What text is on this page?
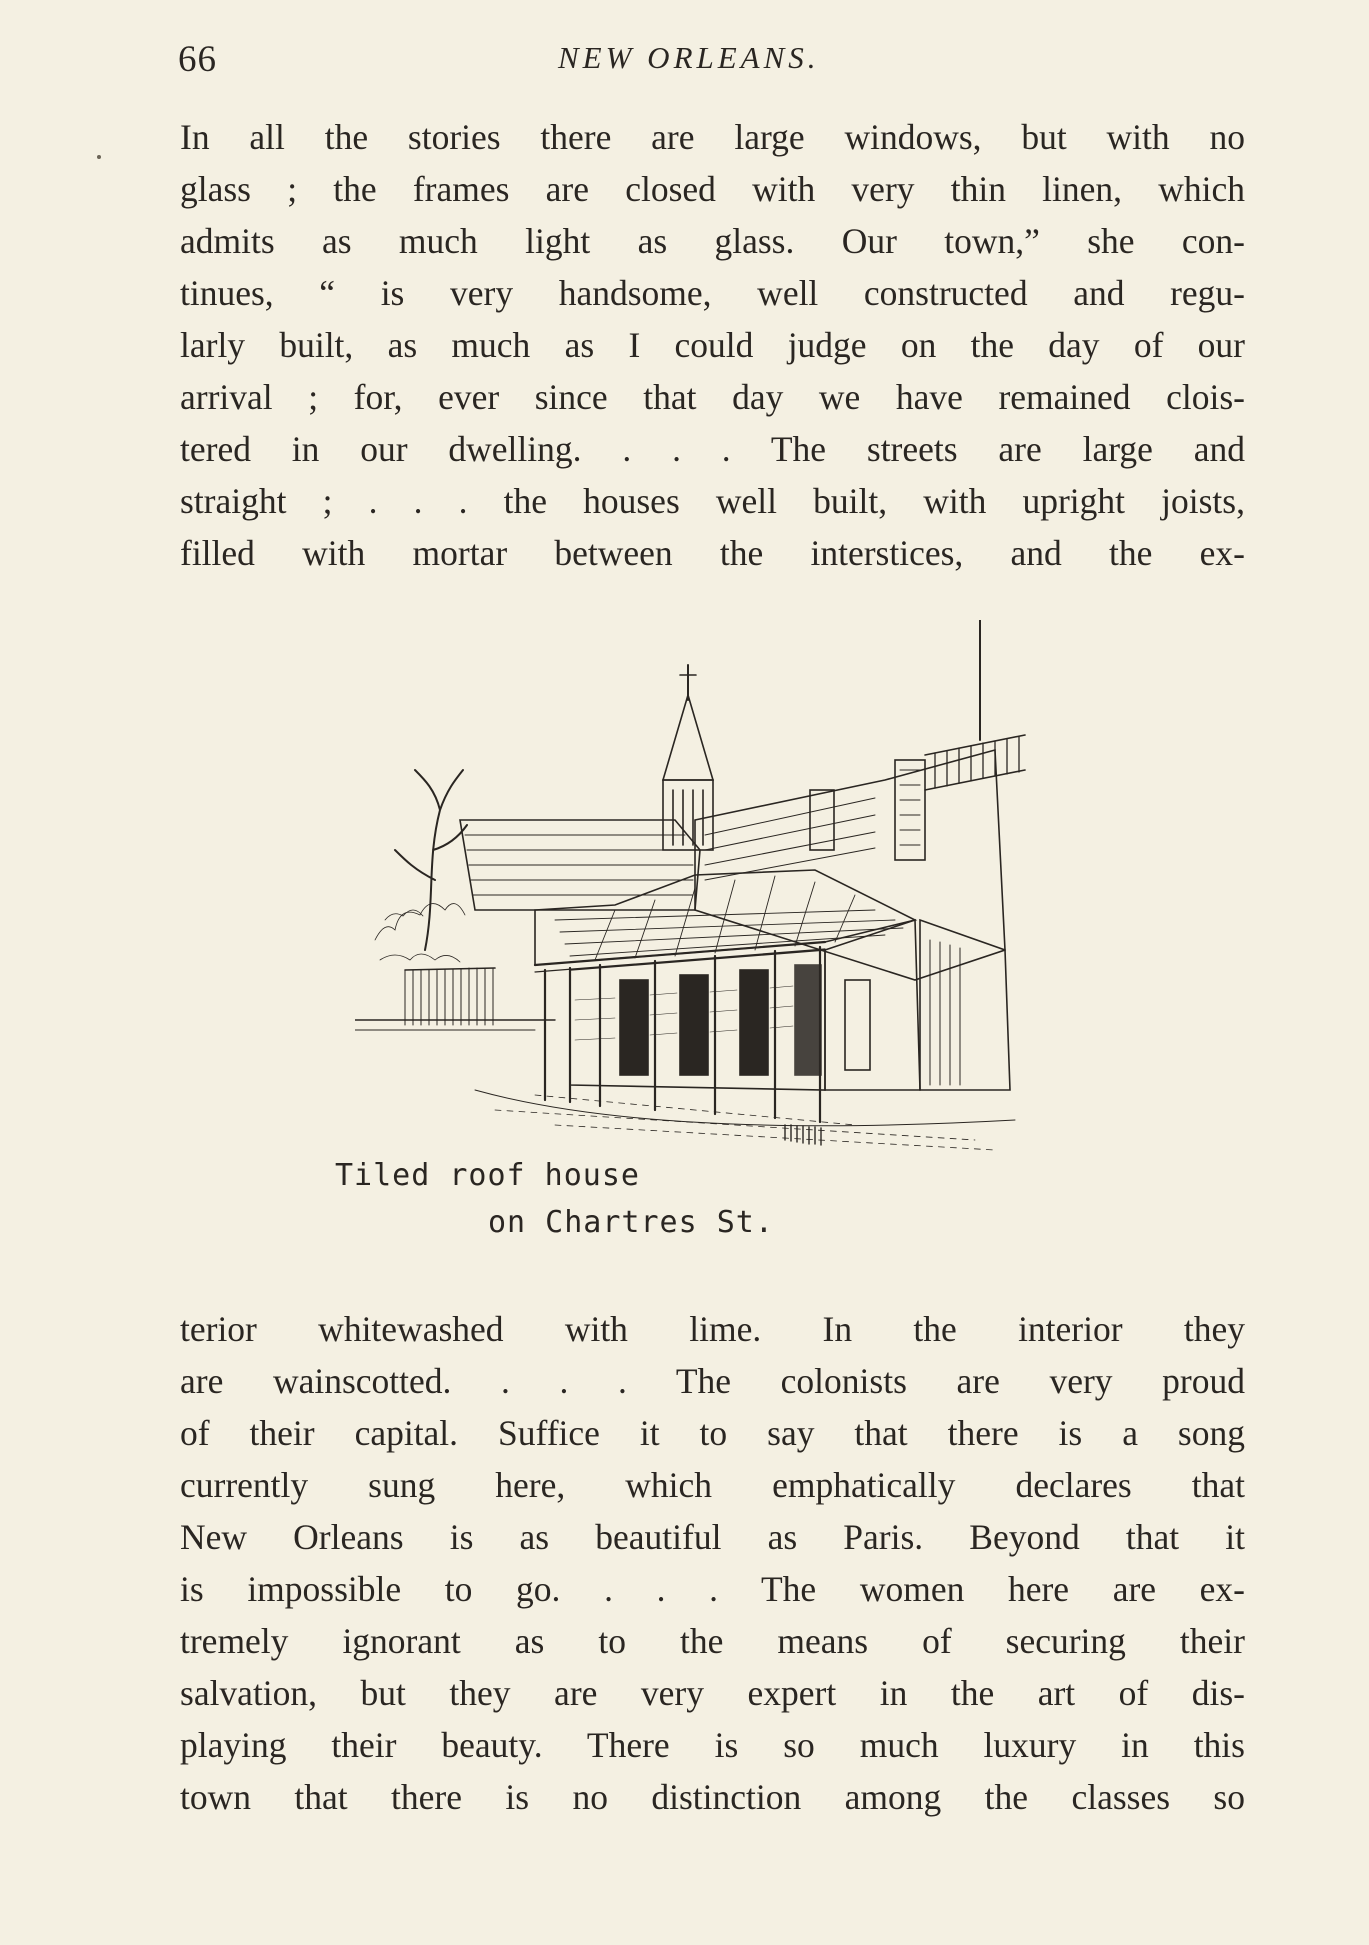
66	NEW ORLEANS.
In all the stories there are large windows, but with no
glass ; the frames are closed with very thin linen, which
admits as much light as glass. Our town,” she con-
tinues, “ is very handsome, well constructed and regu-
larly built, as much as I could judge on the day of our
arrival ; for, ever since that day we have remained clois-
tered in our dwelling. . . . The streets are large and
straight ; . . . the houses well built, with upright joists,
filled with mortar between the interstices, and the ex-
Tiled roof house
on Chartres St.
terior whitewashed with lime. In the interior they
are wainscotted. . . . The colonists are very proud
of their capital. Suffice it to say that there is a song
currently sung here, which emphatically declares that
New Orleans is as beautiful as Paris. Beyond that it
is impossible to go. . . . The women here are ex-
tremely ignorant as to the means of securing their
salvation, but they are very expert in the art of dis-
playing their beauty. There is so much luxury in this
town that there is no distinction among the classes so
